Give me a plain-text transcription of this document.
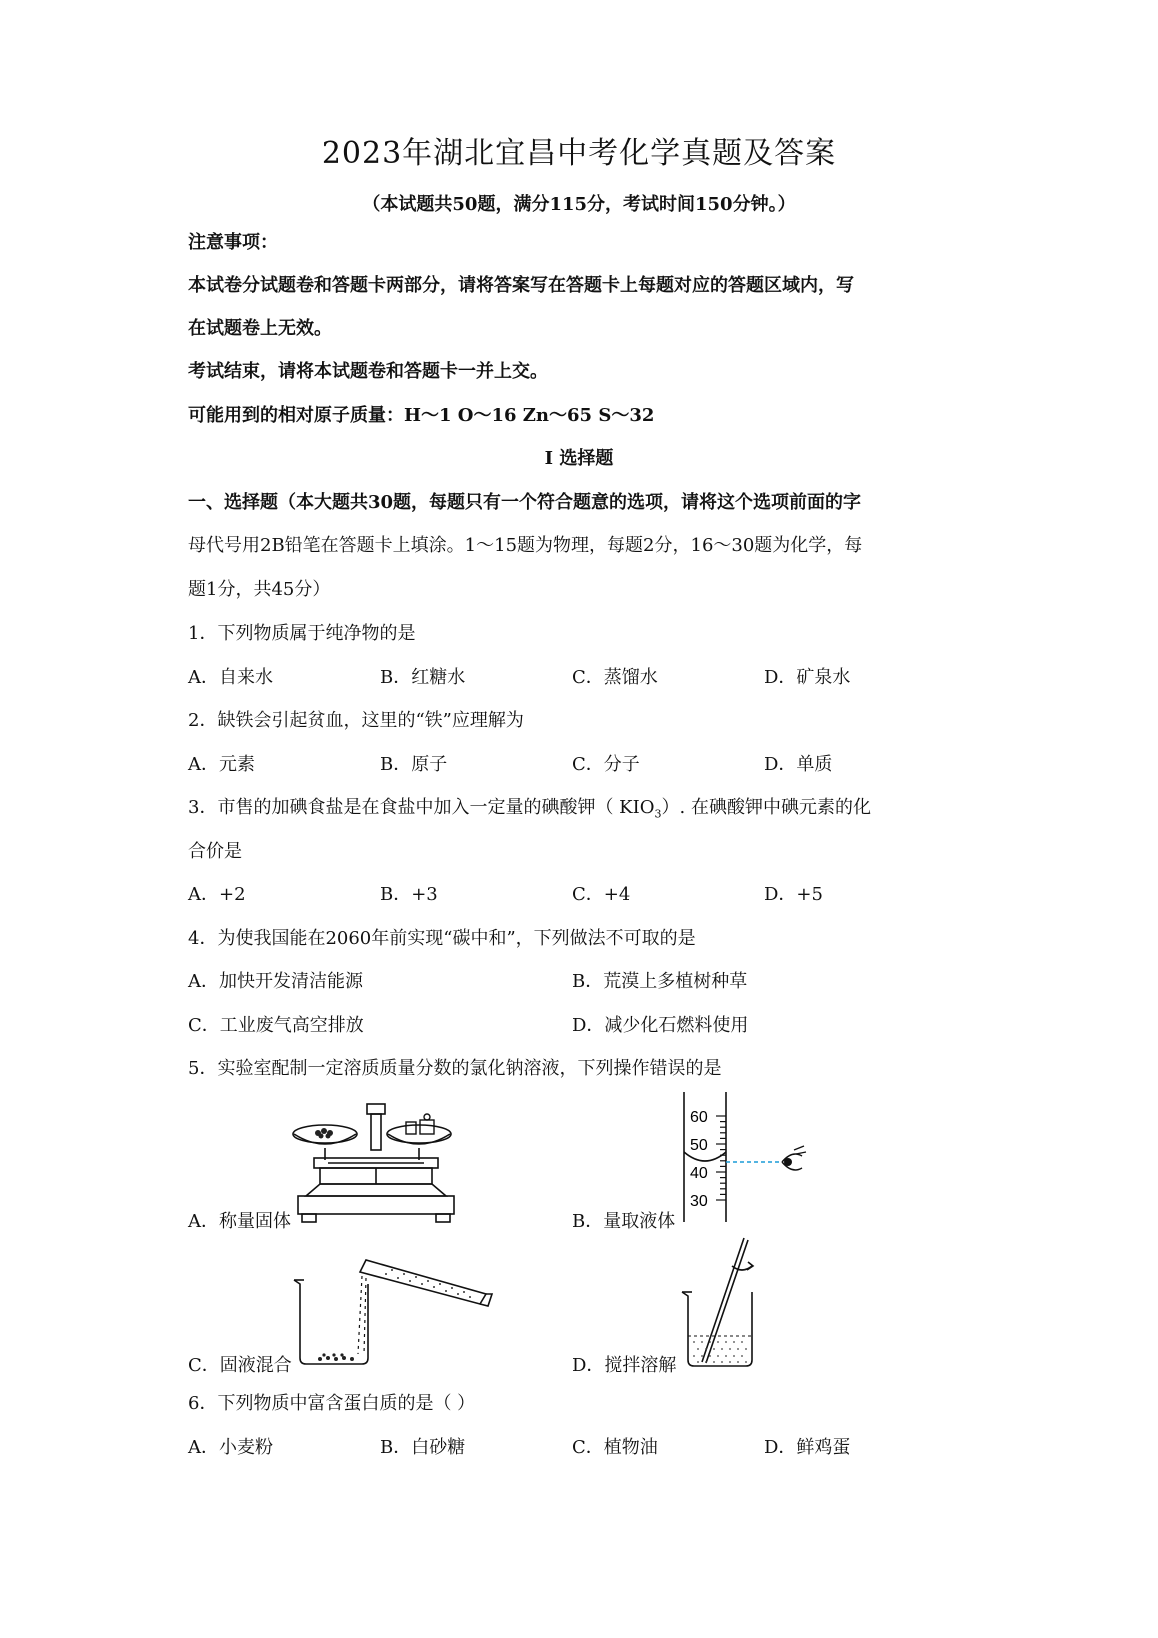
2023年湖北宜昌中考化学真题及答案
（本试题共50题，满分115分，考试时间150分钟。）
注意事项：
本试卷分试题卷和答题卡两部分，请将答案写在答题卡上每题对应的答题区域内，写
在试题卷上无效。
考试结束，请将本试题卷和答题卡一并上交。
可能用到的相对原子质量：H～1 O～16 Zn～65 S～32
I 选择题
一、选择题（本大题共30题，每题只有一个符合题意的选项，请将这个选项前面的字
母代号用2B铅笔在答题卡上填涂。1～15题为物理，每题2分，16～30题为化学，每
题1分，共45分）
1．下列物质属于纯净物的是
A．自来水	B．红糖水	C．蒸馏水	D．矿泉水
2．缺铁会引起贫血，这里的“铁”应理解为
A．元素	B．原子	C．分子	D．单质
3．市售的加碘食盐是在食盐中加入一定量的碘酸钾（ $KIO_3$）. 在碘酸钾中碘元素的化
合价是
A．+2	B．+3	C．+4	D．+5
4．为使我国能在2060年前实现“碳中和”，下列做法不可取的是
A．加快开发清洁能源	B．荒漠上多植树种草
C．工业废气高空排放	D．减少化石燃料使用
5．实验室配制一定溶质质量分数的氯化钠溶液，下列操作错误的是
A．称量固体	B．量取液体
60
50
40
30
C．固液混合	D．搅拌溶解
6．下列物质中富含蛋白质的是（ ）
A．小麦粉	B．白砂糖	C．植物油	D．鲜鸡蛋
